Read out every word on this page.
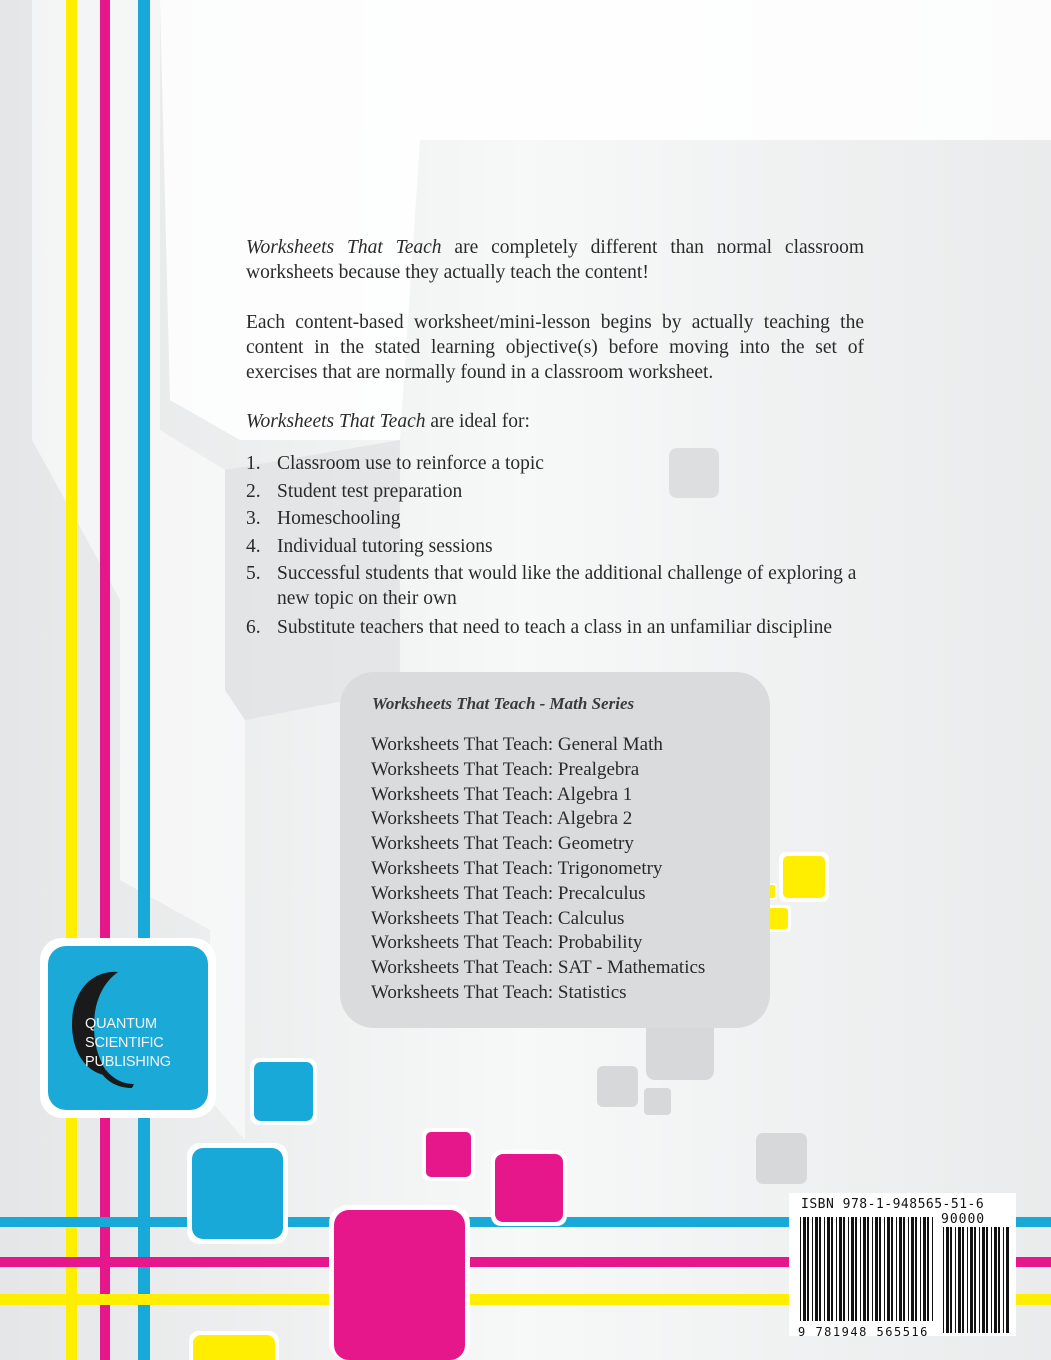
Worksheets That Teach are completely different than normal classroom worksheets because they actually teach the content!
Each content-based worksheet/mini-lesson begins by actually teaching the content in the stated learning objective(s) before moving into the set of exercises that are normally found in a classroom worksheet.
Worksheets That Teach are ideal for:
1. Classroom use to reinforce a topic
2. Student test preparation
3. Homeschooling
4. Individual tutoring sessions
5. Successful students that would like the additional challenge of exploring a new topic on their own
6. Substitute teachers that need to teach a class in an unfamiliar discipline
Worksheets That Teach - Math Series
Worksheets That Teach: General Math
Worksheets That Teach: Prealgebra
Worksheets That Teach: Algebra 1
Worksheets That Teach: Algebra 2
Worksheets That Teach: Geometry
Worksheets That Teach: Trigonometry
Worksheets That Teach: Precalculus
Worksheets That Teach: Calculus
Worksheets That Teach: Probability
Worksheets That Teach: SAT - Mathematics
Worksheets That Teach: Statistics
QUANTUM
SCIENTIFIC
PUBLISHING
ISBN 978-1-948565-51-6
90000
9 781948 565516
